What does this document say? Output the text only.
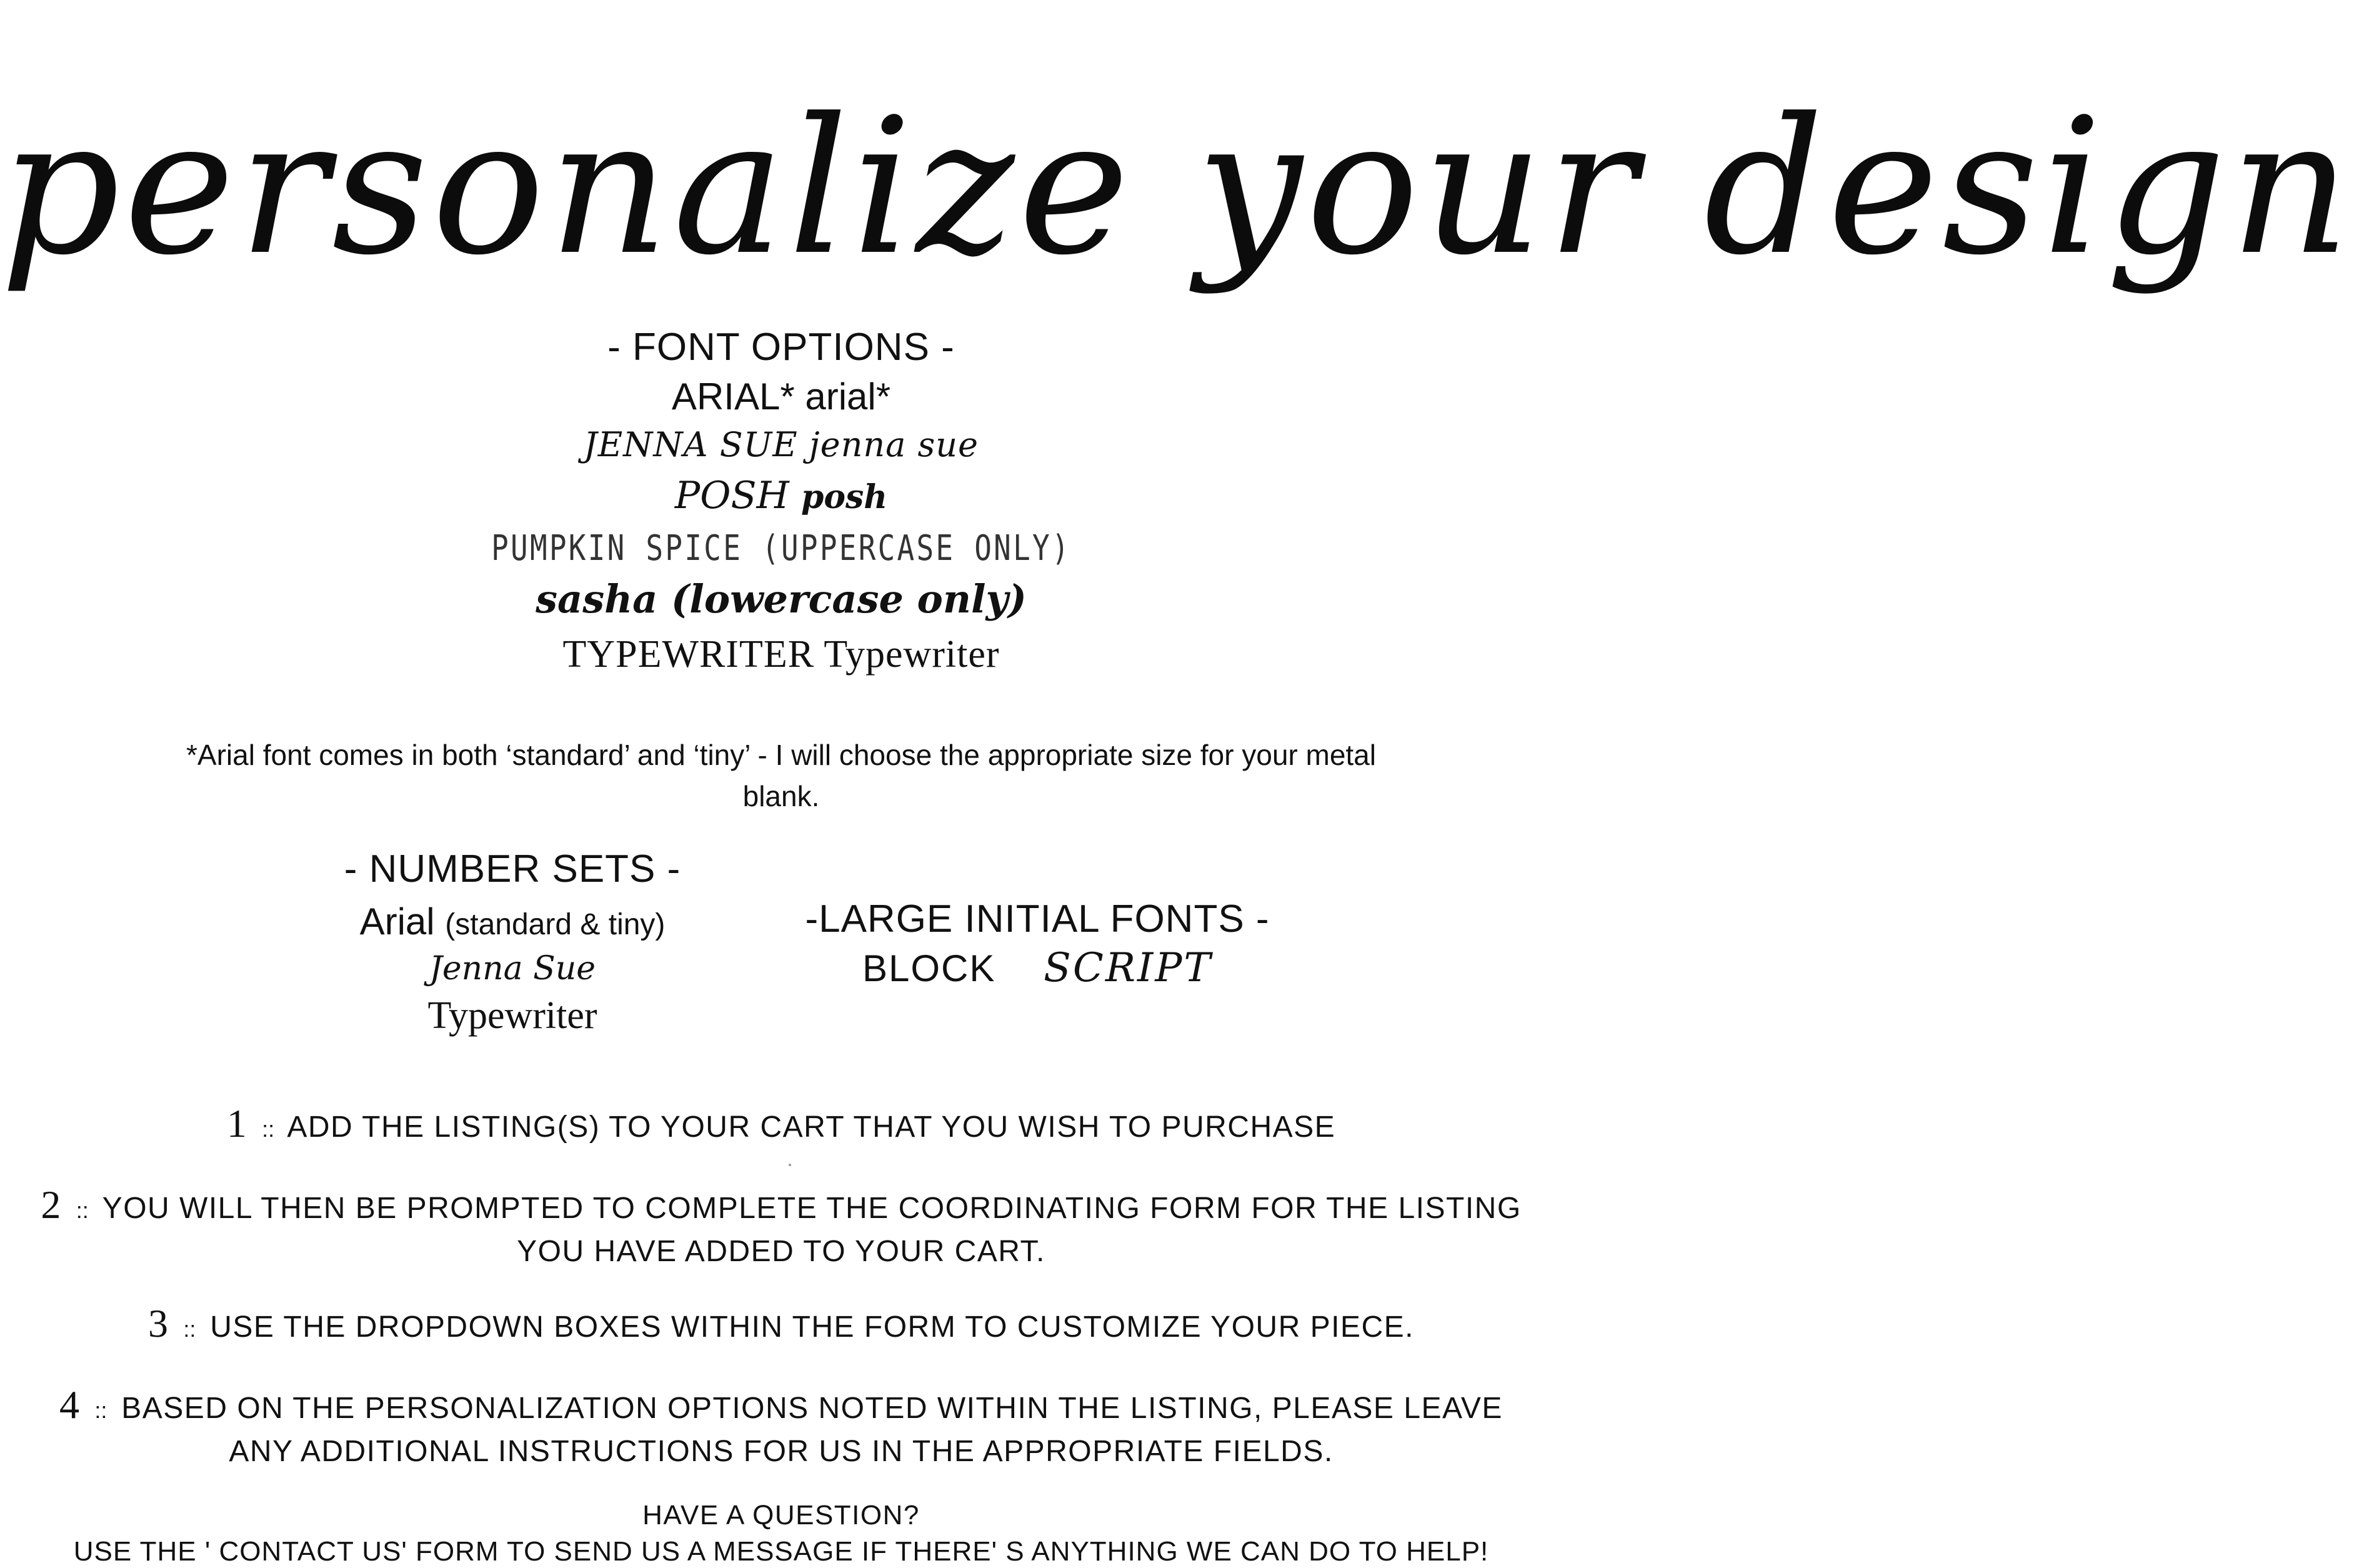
personalize your design
- FONT OPTIONS -
ARIAL* arial*
JENNA SUE jenna sue
POSH posh
PUMPKIN SPICE (UPPERCASE ONLY)
sasha (lowercase only)
TYPEWRITER Typewriter
*Arial font comes in both ‘standard’ and ‘tiny’ - I will choose the appropriate size for your metal blank.
- NUMBER SETS -
Arial (standard & tiny)
Jenna Sue
Typewriter
-LARGE INITIAL FONTS -
BLOCK SCRIPT
1 :: ADD THE LISTING(S) TO YOUR CART THAT YOU WISH TO PURCHASE
2 :: YOU WILL THEN BE PROMPTED TO COMPLETE THE COORDINATING FORM FOR THE LISTING YOU HAVE ADDED TO YOUR CART.
3 :: USE THE DROPDOWN BOXES WITHIN THE FORM TO CUSTOMIZE YOUR PIECE.
4 :: BASED ON THE PERSONALIZATION OPTIONS NOTED WITHIN THE LISTING, PLEASE LEAVE ANY ADDITIONAL INSTRUCTIONS FOR US IN THE APPROPRIATE FIELDS.
HAVE A QUESTION?
USE THE ' CONTACT US' FORM TO SEND US A MESSAGE IF THERE' S ANYTHING WE CAN DO TO HELP!
